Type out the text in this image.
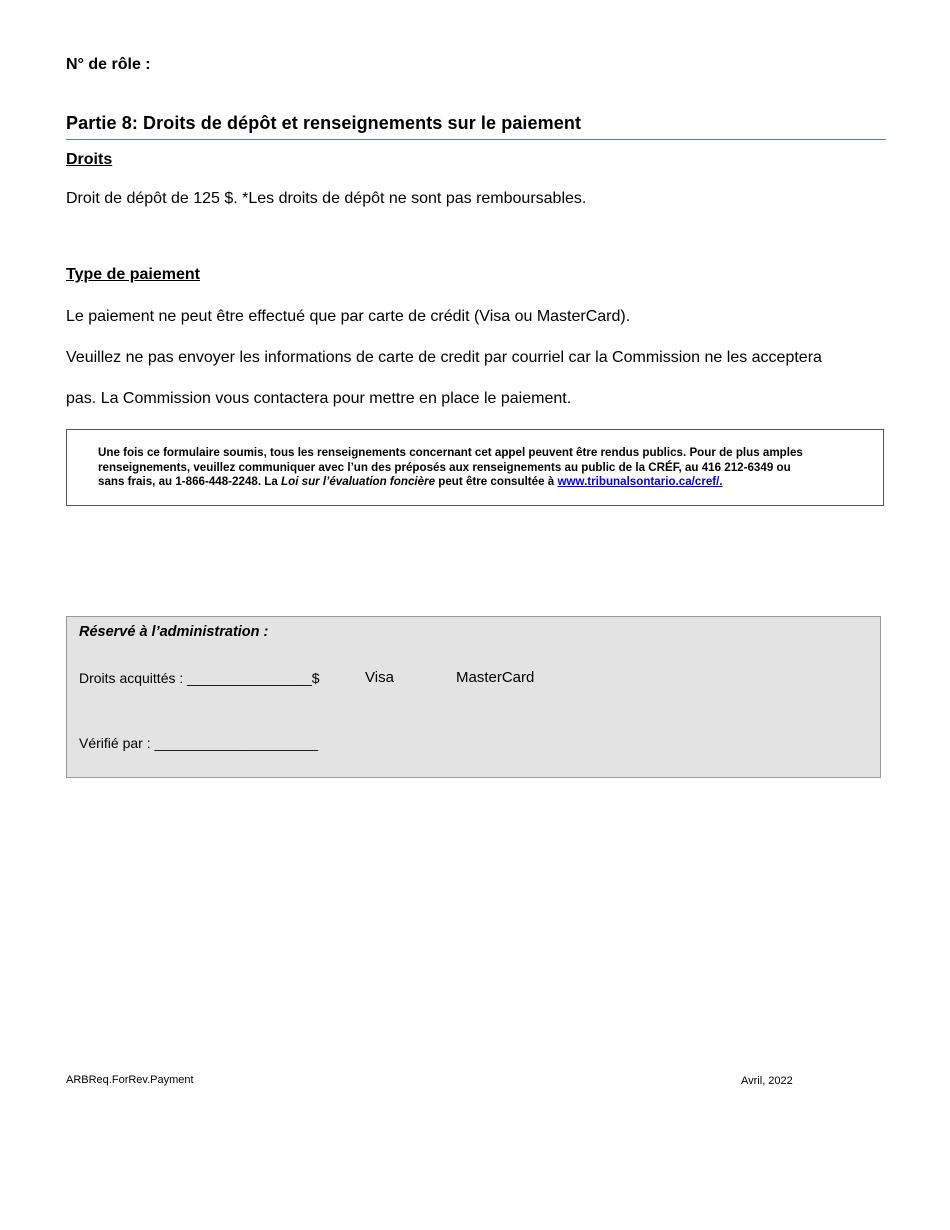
N° de rôle :
Partie 8: Droits de dépôt et renseignements sur le paiement
Droits
Droit de dépôt de 125 $. *Les droits de dépôt ne sont pas remboursables.
Type de paiement
Le paiement ne peut être effectué que par carte de crédit (Visa ou MasterCard).
Veuillez ne pas envoyer les informations de carte de credit par courriel car la Commission ne les acceptera
pas. La Commission vous contactera pour mettre en place le paiement.
Une fois ce formulaire soumis, tous les renseignements concernant cet appel peuvent être rendus publics. Pour de plus amples
renseignements, veuillez communiquer avec l’un des préposés aux renseignements au public de la CRÉF, au 416 212-6349 ou
sans frais, au 1-866-448-2248. La Loi sur l’évaluation foncière peut être consultée à www.tribunalsontario.ca/cref/.
Réservé à l’administration :
Droits acquittés : ________________$	Visa	MasterCard
Vérifié par : _____________________
ARBReq.ForRev.Payment	Avril, 2022
